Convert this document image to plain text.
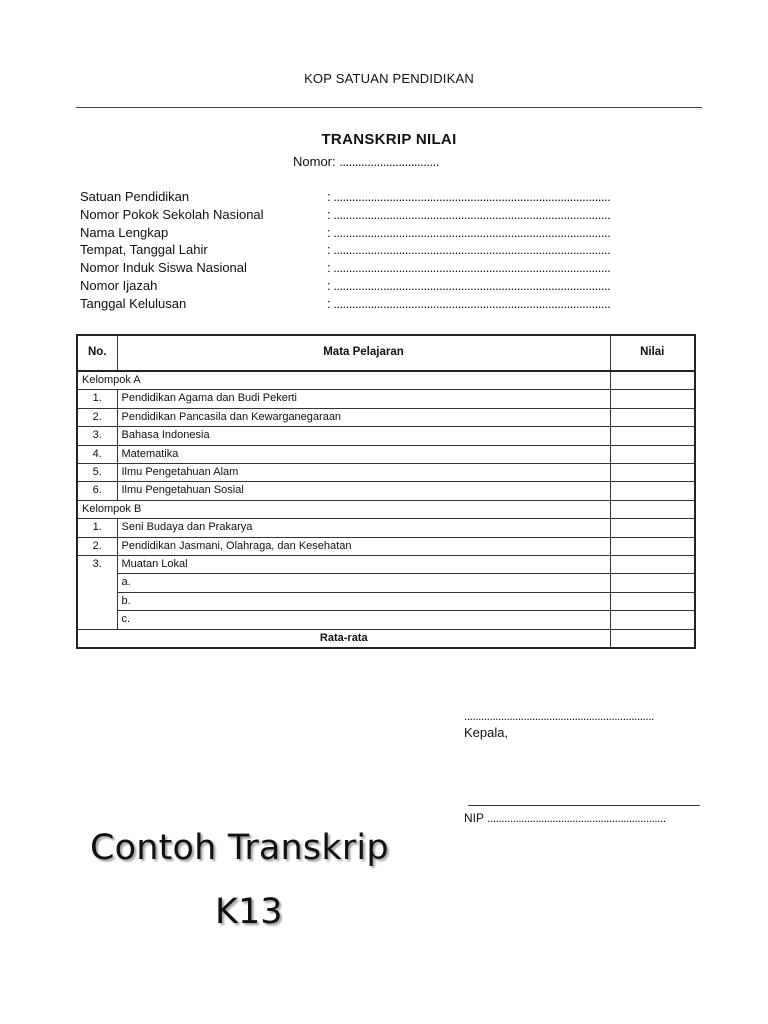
KOP SATUAN PENDIDIKAN
TRANSKRIP NILAI
Nomor: ................................
Satuan Pendidikan	: .........................................................................................
Nomor Pokok Sekolah Nasional	: .........................................................................................
Nama Lengkap	: .........................................................................................
Tempat, Tanggal Lahir	: .........................................................................................
Nomor Induk Siswa Nasional	: .........................................................................................
Nomor Ijazah	: .........................................................................................
Tanggal Kelulusan	: .........................................................................................
No.	Mata Pelajaran	Nilai
Kelompok A		
1.	Pendidikan Agama dan Budi Pekerti	
2.	Pendidikan Pancasila dan Kewarganegaraan	
3.	Bahasa Indonesia	
4.	Matematika	
5.	Ilmu Pengetahuan Alam	
6.	Ilmu Pengetahuan Sosial	
Kelompok B		
1.	Seni Budaya dan Prakarya	
2.	Pendidikan Jasmani, Olahraga, dan Kesehatan	
3.	Muatan Lokal	
	a.	
	b.	
	c.	
Rata-rata		
...................................................................
Kepala,
NIP ...............................................................
Contoh Transkrip
K13
